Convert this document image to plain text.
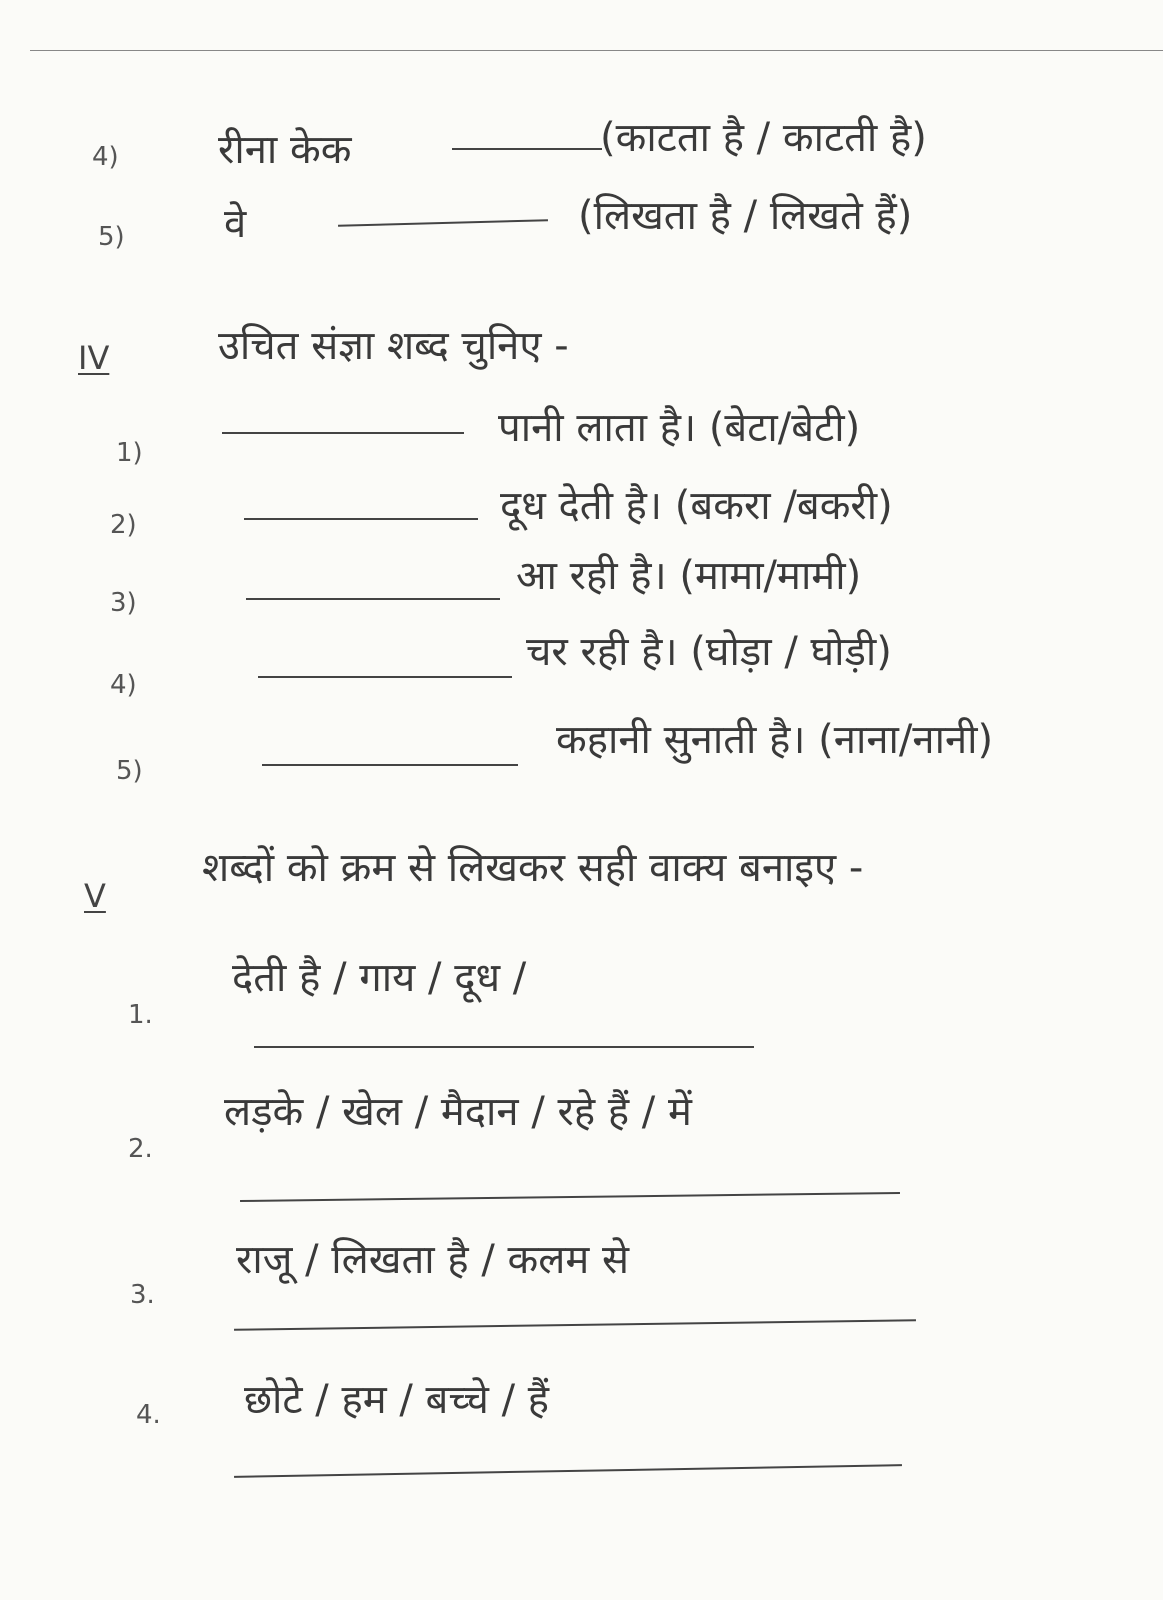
4) रीना केक	(काटता है / काटती है)
5) वे	(लिखता है / लिखते हैं)
IV	उचित संज्ञा शब्द चुनिए -
1)
पानी लाता है। (बेटा/बेटी)
2)	दूध देती है। (बकरा /बकरी)
3)
आ रही है। (मामा/मामी)
4)
चर रही है। (घोड़ा / घोड़ी)
5)
कहानी सुनाती है। (नाना/नानी)
V
शब्दों को क्रम से लिखकर सही वाक्य बनाइए -
1.
देती है / गाय / दूध /
2.
लड़के / खेल / मैदान / रहे हैं / में
3.
राजू / लिखता है / कलम से
4. छोटे / हम / बच्चे / हैं
